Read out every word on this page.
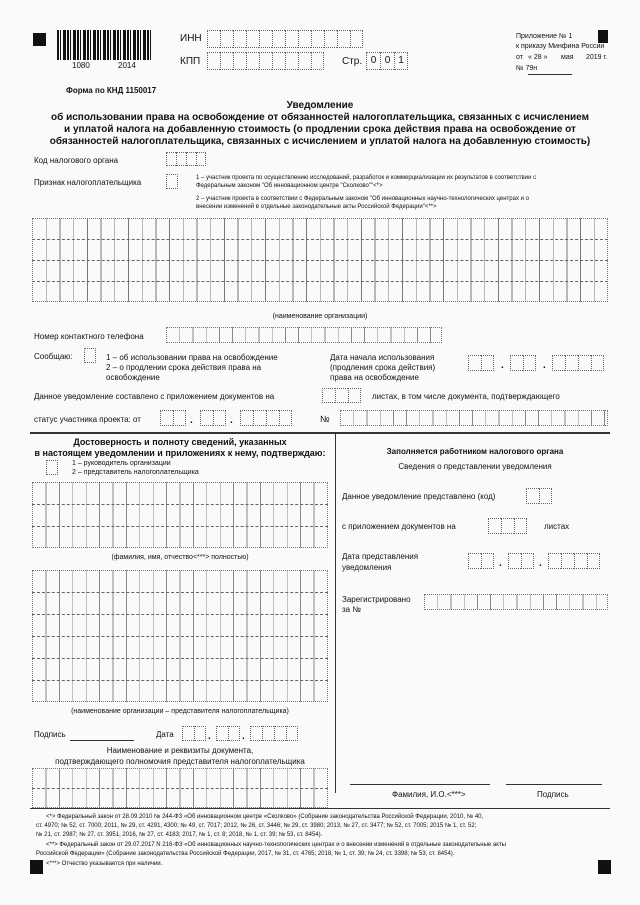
1080	2014
ИНН
КПП	Стр. 0 0 1
Приложение № 1
к приказу Минфина России
от « 28 » мая 2019 г.
№ 79н
Форма по КНД 1150017
Уведомление
об использовании права на освобождение от обязанностей налогоплательщика, связанных с исчислением
и уплатой налога на добавленную стоимость (о продлении срока действия права на освобождение от
обязанностей налогоплательщика, связанных с исчислением и уплатой налога на добавленную стоимость)
Код налогового органа
Признак налогоплательщика	1 – участник проекта по осуществлению исследований, разработок и коммерциализации их результатов в соответствии с
Федеральным законом "Об инновационном центре "Сколково""<*>
2 – участник проекта в соответствии с Федеральным законом "Об инновационных научно-технологических центрах и о
внесении изменений в отдельные законодательные акты Российской Федерации"<**>
(наименование организации)
Номер контактного телефона
Сообщаю:	1 – об использовании права на освобождение
2 – о продлении срока действия права на
освобождение
Дата начала использования
(продления срока действия)
права на освобождение
.	.
Данное уведомление составлено с приложением документов на	листах, в том числе документа, подтверждающего
статус участника проекта: от	.	.	№
Достоверность и полноту сведений, указанных
в настоящем уведомлении и приложениях к нему, подтверждаю:
1 – руководитель организации
2 – представитель налогоплательщика
(фамилия, имя, отчество<***> полностью)
(наименование организации – представителя налогоплательщика)
Подпись	Дата	.	.
Наименование и реквизиты документа,
подтверждающего полномочия представителя налогоплательщика
Заполняется работником налогового органа
Сведения о представлении уведомления
Данное уведомление представлено (код)
с приложением документов на	листах
Дата представления
уведомления	.	.
Зарегистрировано
за №
Фамилия, И.О.<***>	Подпись
<*> Федеральный закон от 28.09.2010 № 244-ФЗ «Об инновационном центре «Сколково» (Собрание законодательства Российской Федерации, 2010, № 40,
ст. 4970; № 52, ст. 7000; 2011, № 29, ст. 4291, 4300; № 49, ст. 7017; 2012, № 26, ст. 3446; № 29, ст. 3980; 2013, № 27, ст. 3477; № 52, ст. 7005; 2015 № 1, ст. 52;
№ 21, ст. 2987; № 27, ст. 3951, 2016, № 27, ст. 4183; 2017, № 1, ст. 8; 2018, № 1, ст. 39; № 53, ст. 8454).
<**> Федеральный закон от 29.07.2017 N 216-ФЗ «Об инновационных научно-технологических центрах и о внесении изменений в отдельные законодательные акты
Российской Федерации» (Собрание законодательства Российской Федерации, 2017, № 31, ст. 4765; 2018, № 1, ст. 39; № 24, ст. 3398; № 53, ст. 8454).
<***> Отчество указывается при наличии.
